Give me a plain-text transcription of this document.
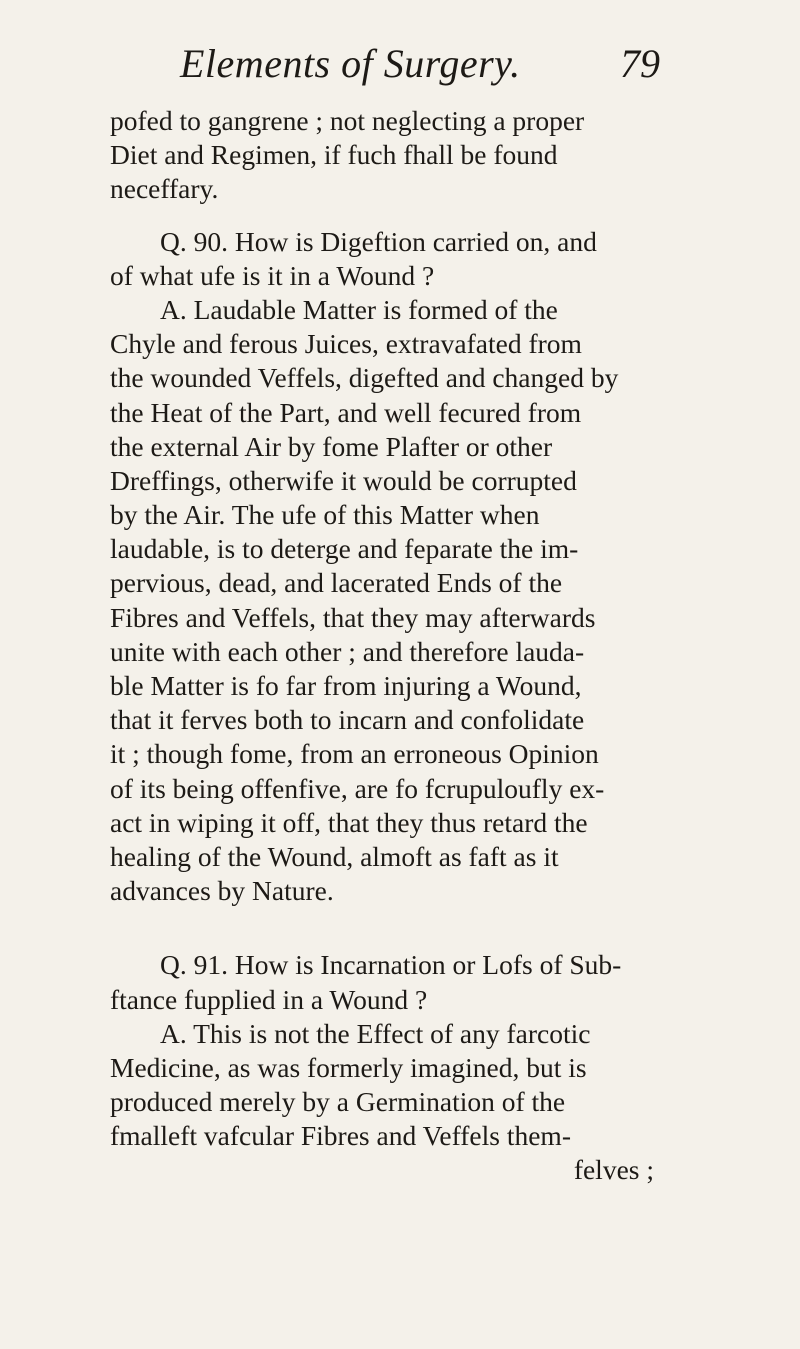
Elements of Surgery. 79
pofed to gangrene ; not neglecting a proper
Diet and Regimen, if fuch fhall be found
neceffary.
Q. 90. How is Digeftion carried on, and
of what ufe is it in a Wound ?
A. Laudable Matter is formed of the
Chyle and ferous Juices, extravafated from
the wounded Veffels, digefted and changed by
the Heat of the Part, and well fecured from
the external Air by fome Plafter or other
Dreffings, otherwife it would be corrupted
by the Air. The ufe of this Matter when
laudable, is to deterge and feparate the im-
pervious, dead, and lacerated Ends of the
Fibres and Veffels, that they may afterwards
unite with each other ; and therefore lauda-
ble Matter is fo far from injuring a Wound,
that it ferves both to incarn and confolidate
it ; though fome, from an erroneous Opinion
of its being offenfive, are fo fcrupuloufly ex-
act in wiping it off, that they thus retard the
healing of the Wound, almoft as faft as it
advances by Nature.
Q. 91. How is Incarnation or Lofs of Sub-
ftance fupplied in a Wound ?
A. This is not the Effect of any farcotic
Medicine, as was formerly imagined, but is
produced merely by a Germination of the
fmalleft vafcular Fibres and Veffels them-
felves ;
